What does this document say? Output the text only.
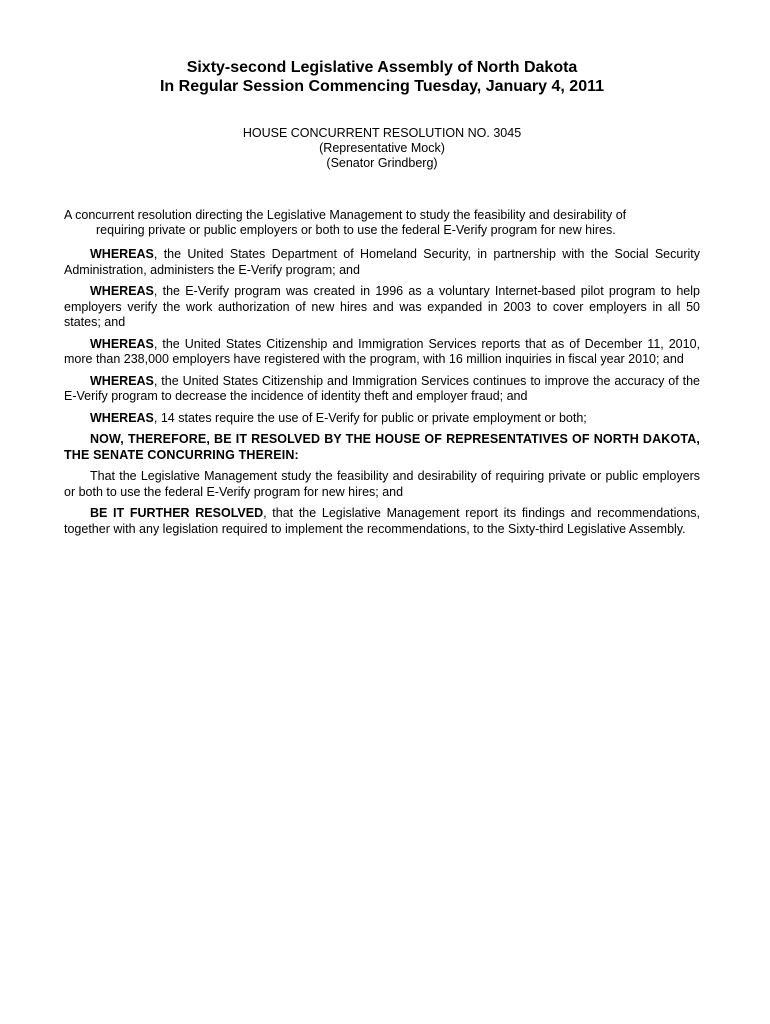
Sixty-second Legislative Assembly of North Dakota
In Regular Session Commencing Tuesday, January 4, 2011
HOUSE CONCURRENT RESOLUTION NO. 3045
(Representative Mock)
(Senator Grindberg)
A concurrent resolution directing the Legislative Management to study the feasibility and desirability of
requiring private or public employers or both to use the federal E-Verify program for new hires.

WHEREAS, the United States Department of Homeland Security, in partnership with the Social Security Administration, administers the E-Verify program; and

WHEREAS, the E-Verify program was created in 1996 as a voluntary Internet-based pilot program to help employers verify the work authorization of new hires and was expanded in 2003 to cover employers in all 50 states; and

WHEREAS, the United States Citizenship and Immigration Services reports that as of December 11, 2010, more than 238,000 employers have registered with the program, with 16 million inquiries in fiscal year 2010; and

WHEREAS, the United States Citizenship and Immigration Services continues to improve the accuracy of the E-Verify program to decrease the incidence of identity theft and employer fraud; and

WHEREAS, 14 states require the use of E-Verify for public or private employment or both;

NOW, THEREFORE, BE IT RESOLVED BY THE HOUSE OF REPRESENTATIVES OF NORTH DAKOTA, THE SENATE CONCURRING THEREIN:

That the Legislative Management study the feasibility and desirability of requiring private or public employers or both to use the federal E-Verify program for new hires; and

BE IT FURTHER RESOLVED, that the Legislative Management report its findings and recommendations, together with any legislation required to implement the recommendations, to the Sixty-third Legislative Assembly.
